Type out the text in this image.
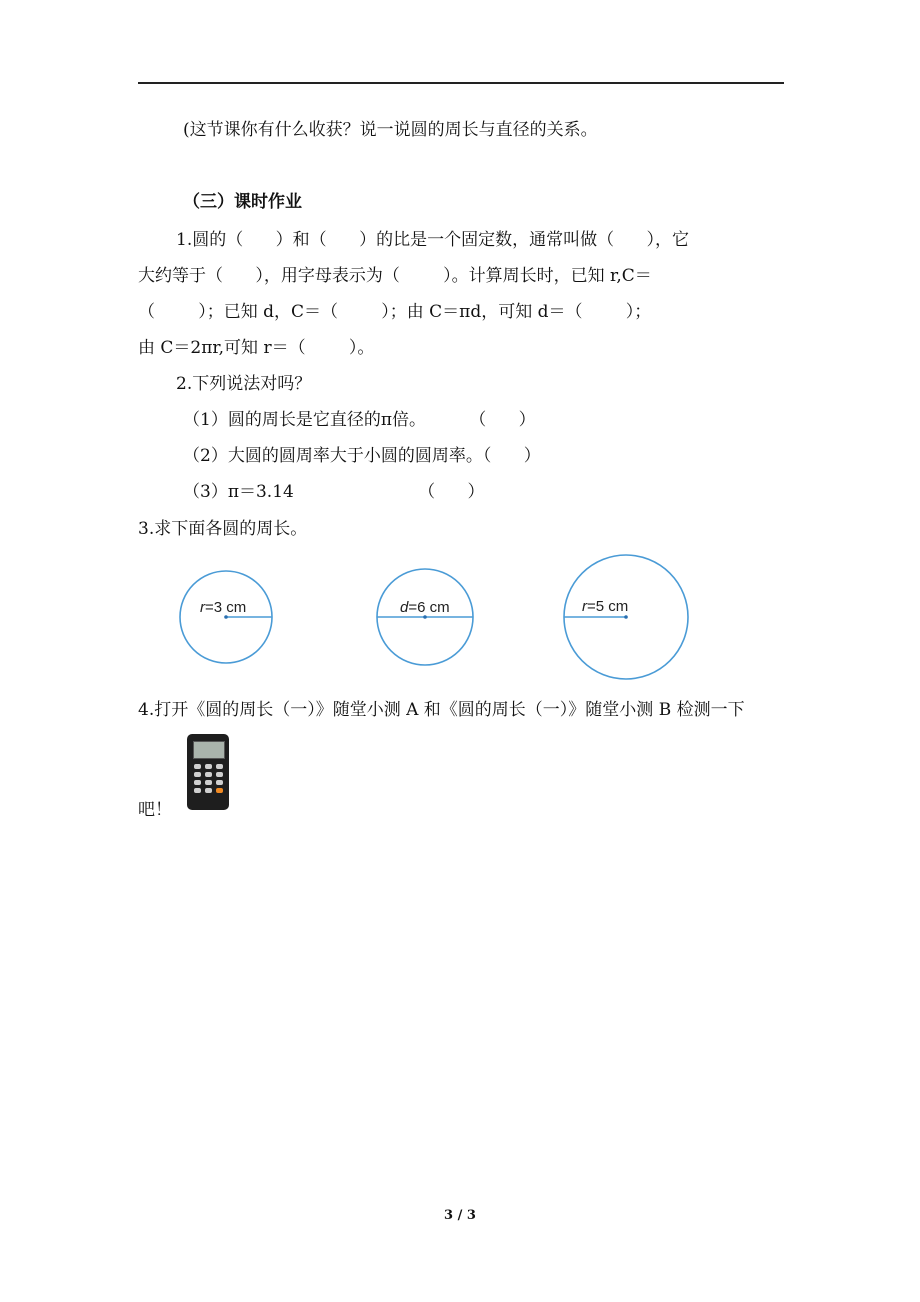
(这节课你有什么收获？说一说圆的周长与直径的关系。
（三）课时作业
1.圆的（      ）和（      ）的比是一个固定数，通常叫做（      ），它
大约等于（      ），用字母表示为（        ）。计算周长时，已知 r,C＝
（        ）；已知 d，C＝（        ）；由 C＝πd，可知 d＝（        ）；
由 C＝2πr,可知 r＝（        ）。
2.下列说法对吗？
（1）圆的周长是它直径的π倍。        （      ）
（2）大圆的圆周率大于小圆的圆周率。（      ）
（3）π＝3.14                       （      ）
3.求下面各圆的周长。
r=3 cm	d=6 cm	r=5 cm
4.打开《圆的周长（一）》随堂小测 A 和《圆的周长（一）》随堂小测 B 检测一下
吧！
3 / 3
